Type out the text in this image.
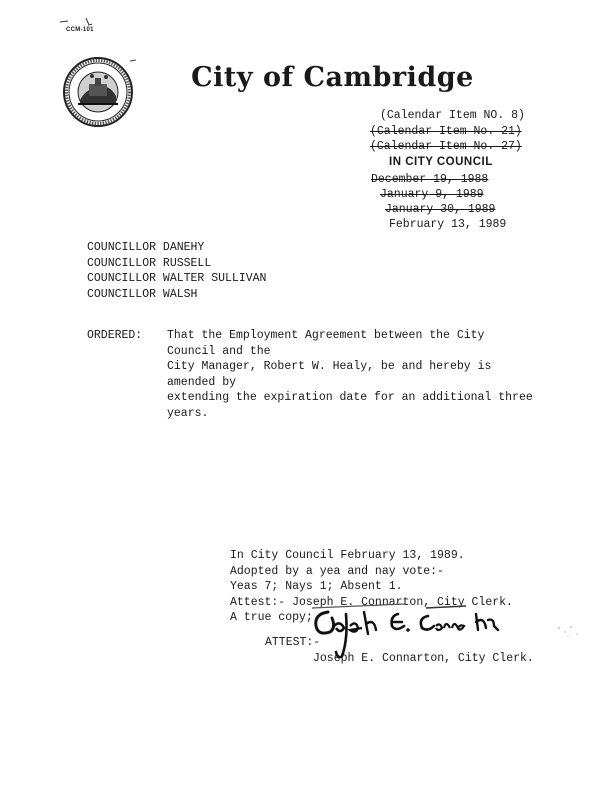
CCM-101
City of Cambridge
(Calendar Item NO. 8)
(Calendar Item No. 21)
(Calendar Item No. 27)
IN CITY COUNCIL
December 19, 1988
January 9, 1989
January 30, 1989
February 13, 1989
COUNCILLOR DANEHY
COUNCILLOR RUSSELL
COUNCILLOR WALTER SULLIVAN
COUNCILLOR WALSH
ORDERED: That the Employment Agreement between the City Council and the
City Manager, Robert W. Healy, be and hereby is amended by
extending the expiration date for an additional three years.
In City Council February 13, 1989.
Adopted by a yea and nay vote:-
Yeas 7; Nays 1; Absent 1.
Attest:- Joseph E. Connarton, City Clerk.
A true copy;
ATTEST:-
Joseph E. Connarton, City Clerk.
